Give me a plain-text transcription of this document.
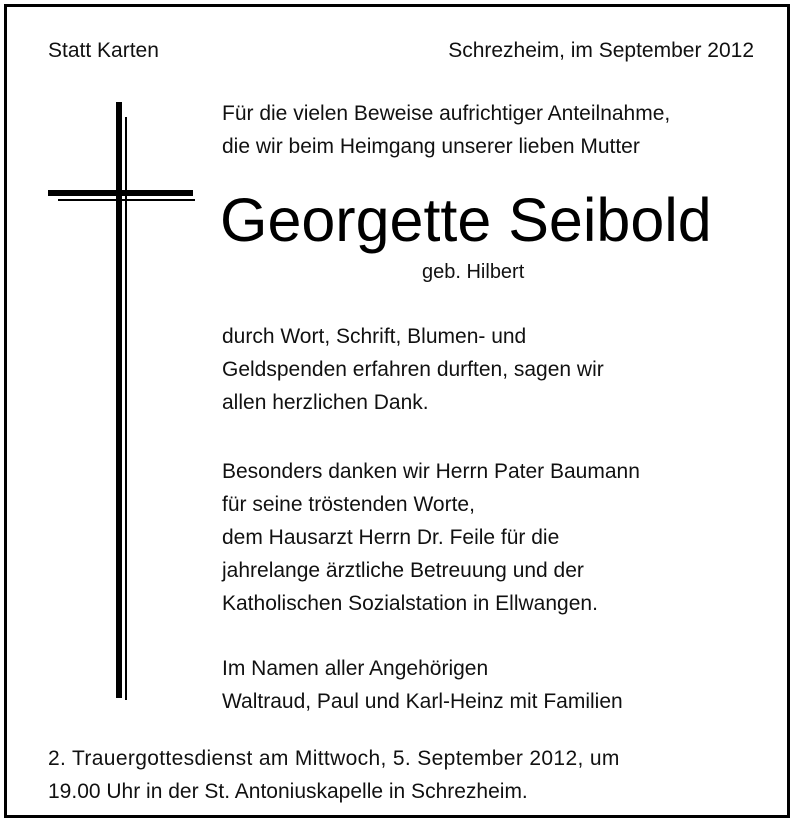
Statt Karten	Schrezheim, im September 2012
Für die vielen Beweise aufrichtiger Anteilnahme,
die wir beim Heimgang unserer lieben Mutter
Georgette Seibold
geb. Hilbert
durch Wort, Schrift, Blumen- und
Geldspenden erfahren durften, sagen wir
allen herzlichen Dank.
Besonders danken wir Herrn Pater Baumann
für seine tröstenden Worte,
dem Hausarzt Herrn Dr. Feile für die
jahrelange ärztliche Betreuung und der
Katholischen Sozialstation in Ellwangen.
Im Namen aller Angehörigen
Waltraud, Paul und Karl-Heinz mit Familien
2. Trauergottesdienst am Mittwoch, 5. September 2012, um
19.00 Uhr in der St. Antoniuskapelle in Schrezheim.
